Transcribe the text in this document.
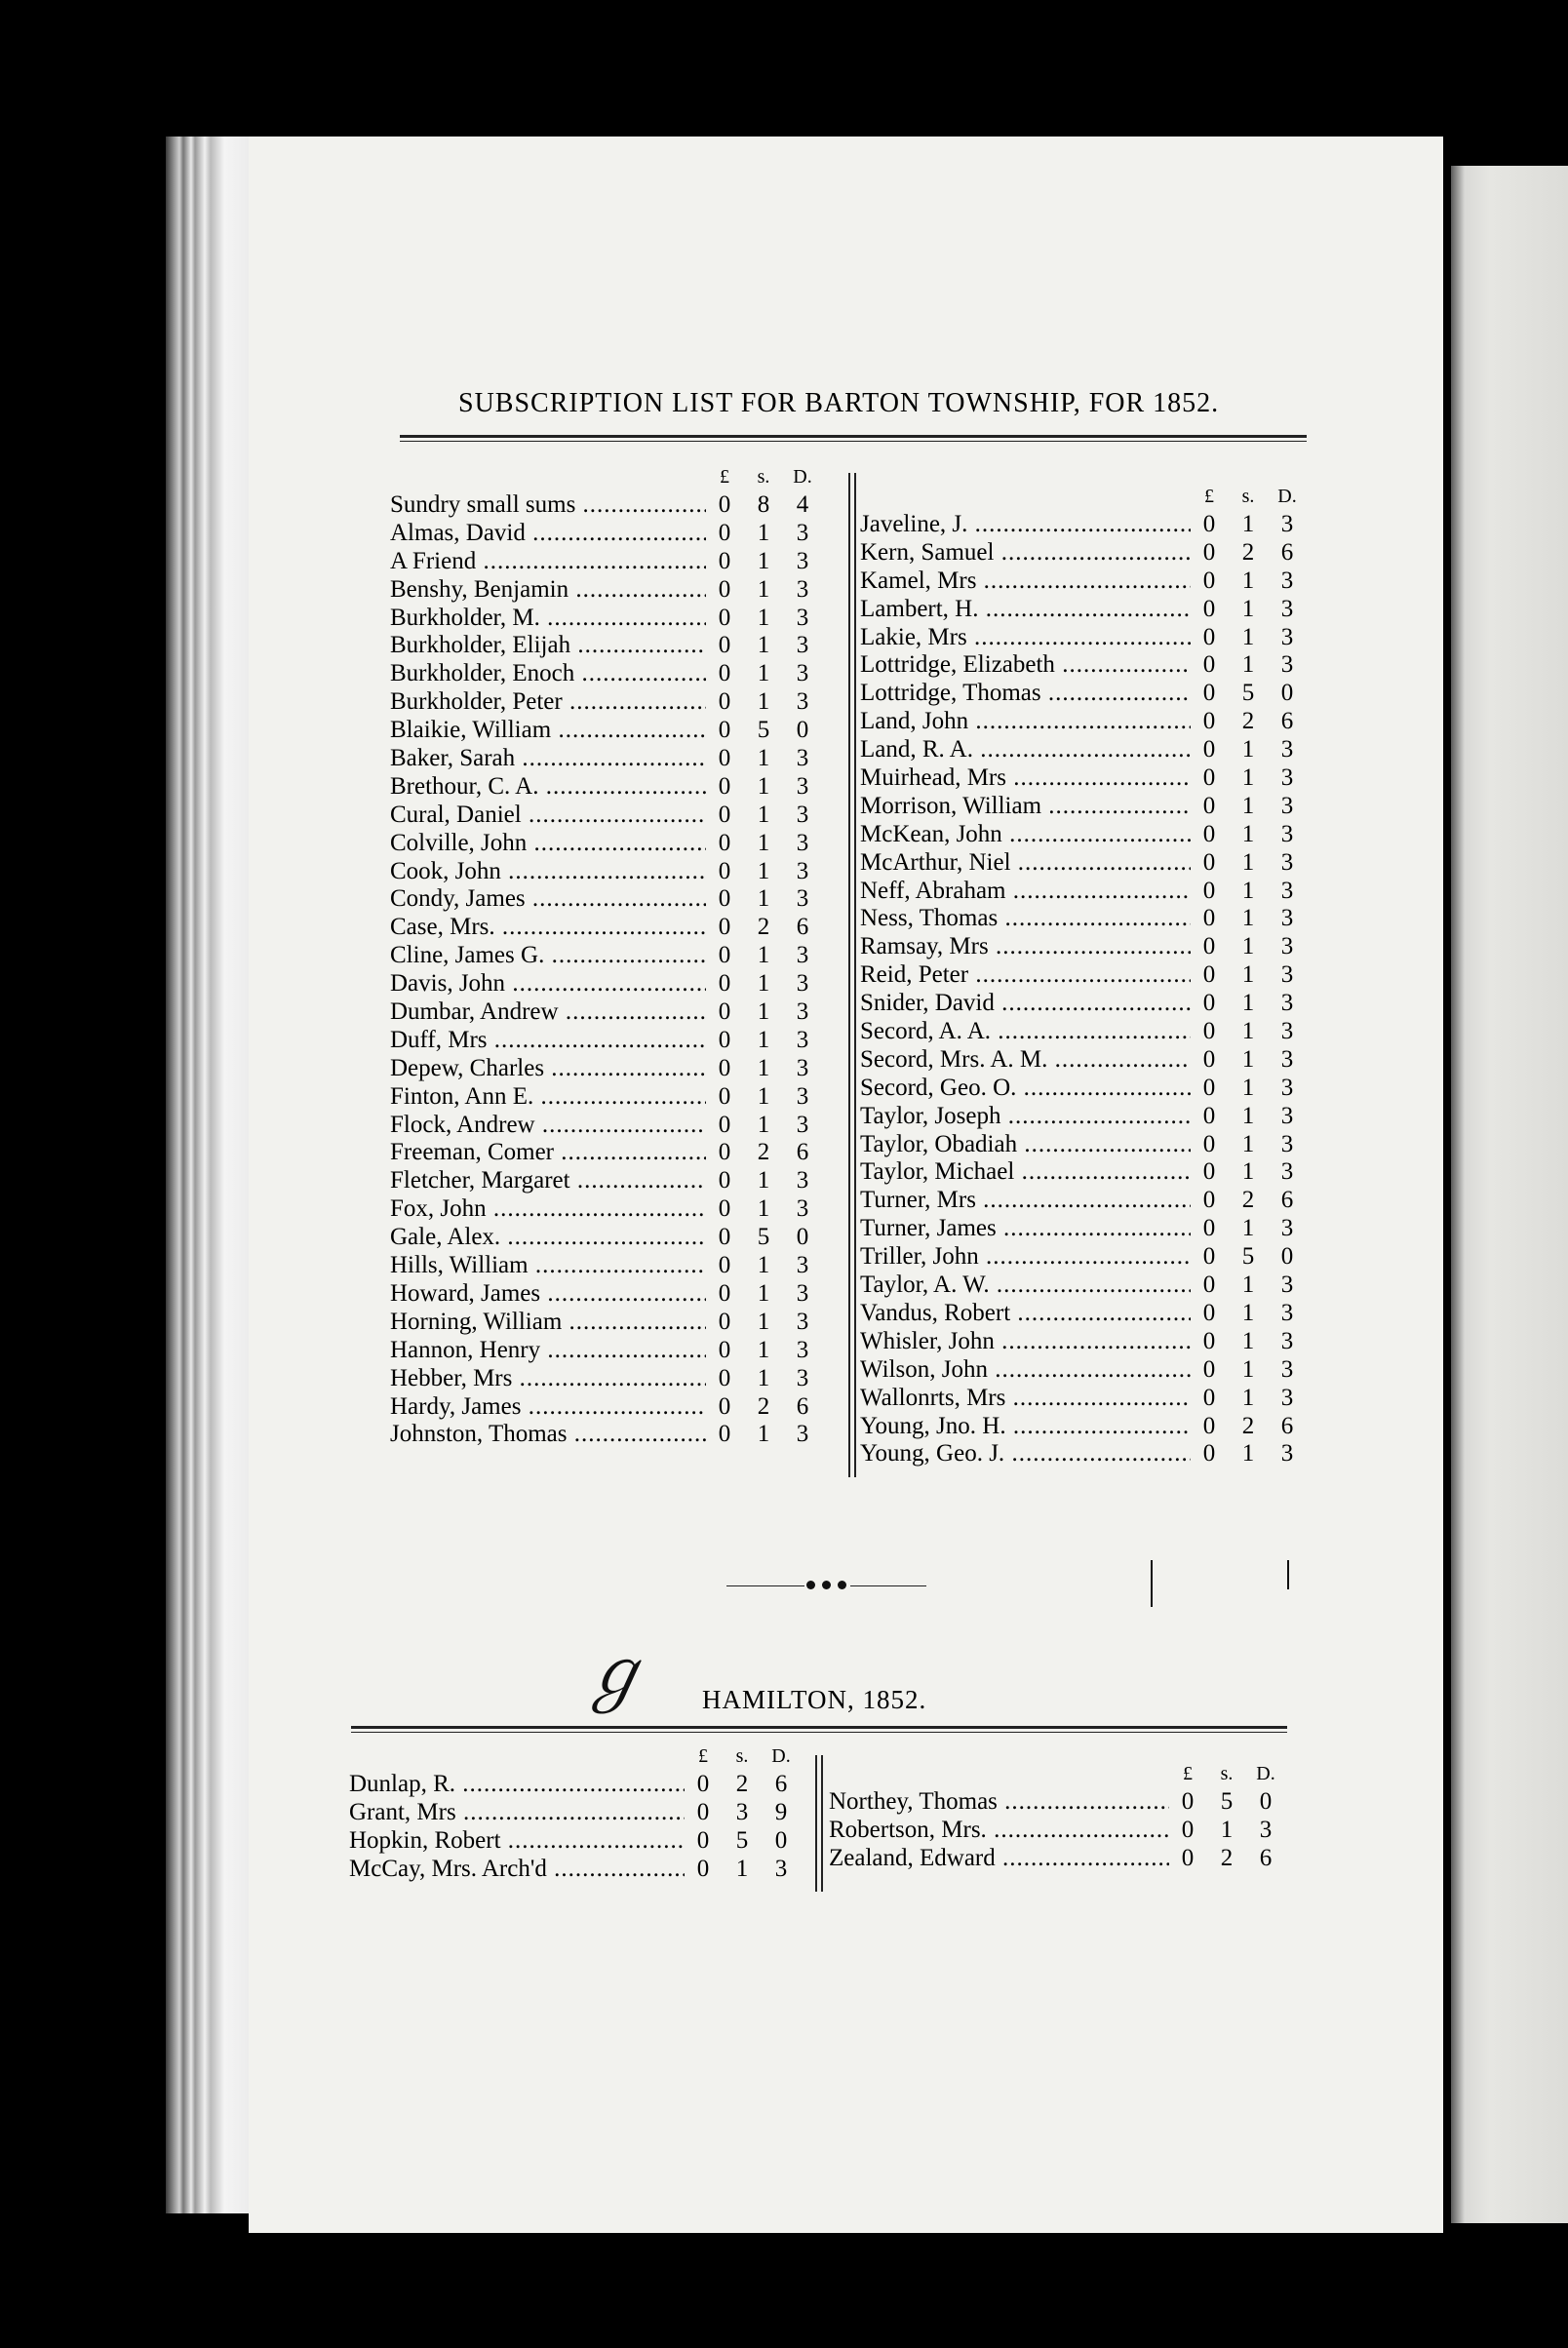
SUBSCRIPTION LIST FOR BARTON TOWNSHIP, FOR 1852.
£	s.	D.
Sundry small sums .....	0 8 4
Almas, David .....	0 1 3
A Friend .....	0 1 3
Benshy, Benjamin .....	0 1 3
Burkholder, M. .....	0 1 3
Burkholder, Elijah .....	0 1 3
Burkholder, Enoch .....	0 1 3
Burkholder, Peter .....	0 1 3
Blaikie, William .....	0 5 0
Baker, Sarah .....	0 1 3
Brethour, C. A. .....	0 1 3
Cural, Daniel .....	0 1 3
Colville, John .....	0 1 3
Cook, John .....	0 1 3
Condy, James .....	0 1 3
Case, Mrs. .....	0 2 6
Cline, James G. .....	0 1 3
Davis, John .....	0 1 3
Dumbar, Andrew .....	0 1 3
Duff, Mrs .....	0 1 3
Depew, Charles .....	0 1 3
Finton, Ann E. .....	0 1 3
Flock, Andrew .....	0 1 3
Freeman, Comer .....	0 2 6
Fletcher, Margaret .....	0 1 3
Fox, John .....	0 1 3
Gale, Alex. .....	0 5 0
Hills, William .....	0 1 3
Howard, James .....	0 1 3
Horning, William .....	0 1 3
Hannon, Henry .....	0 1 3
Hebber, Mrs .....	0 1 3
Hardy, James .....	0 2 6
Johnston, Thomas .....	0 1 3
£	s.	D.
Javeline, J. .....	0 1 3
Kern, Samuel .....	0 2 6
Kamel, Mrs .....	0 1 3
Lambert, H. .....	0 1 3
Lakie, Mrs .....	0 1 3
Lottridge, Elizabeth .....	0 1 3
Lottridge, Thomas .....	0 5 0
Land, John .....	0 2 6
Land, R. A. .....	0 1 3
Muirhead, Mrs .....	0 1 3
Morrison, William .....	0 1 3
McKean, John .....	0 1 3
McArthur, Niel .....	0 1 3
Neff, Abraham .....	0 1 3
Ness, Thomas .....	0 1 3
Ramsay, Mrs .....	0 1 3
Reid, Peter .....	0 1 3
Snider, David .....	0 1 3
Secord, A. A. .....	0 1 3
Secord, Mrs. A. M. .....	0 1 3
Secord, Geo. O. .....	0 1 3
Taylor, Joseph .....	0 1 3
Taylor, Obadiah .....	0 1 3
Taylor, Michael .....	0 1 3
Turner, Mrs .....	0 2 6
Turner, James .....	0 1 3
Triller, John .....	0 5 0
Taylor, A. W. .....	0 1 3
Vandus, Robert .....	0 1 3
Whisler, John .....	0 1 3
Wilson, John .....	0 1 3
Wallonrts, Mrs .....	0 1 3
Young, Jno. H. .....	0 2 6
Young, Geo. J. .....	0 1 3
ℊ HAMILTON, 1852.
£	s.	D.
Dunlap, R. .....	0 2 6
Grant, Mrs .....	0 3 9
Hopkin, Robert .....	0 5 0
McCay, Mrs. Arch'd .....	0 1 3
£	s.	D.
Northey, Thomas .....	0 5 0
Robertson, Mrs. .....	0 1 3
Zealand, Edward .....	0 2 6
